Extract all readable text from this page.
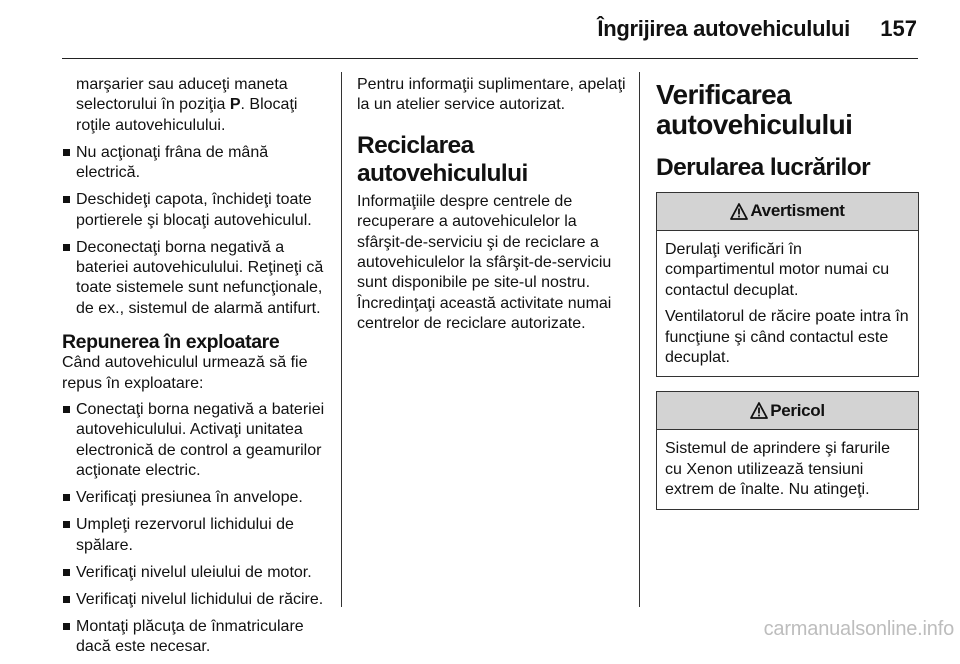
Îngrijirea autovehiculului 157

marşarier sau aduceţi maneta selectorului în poziţia P. Blocaţi roţile autovehiculului.

Nu acţionaţi frâna de mână electrică.
Deschideţi capota, închideţi toate portierele şi blocaţi autovehiculul.
Deconectaţi borna negativă a bateriei autovehiculului. Reţineţi că toate sistemele sunt nefuncţionale, de ex., sistemul de alarmă antifurt.
Repunerea în exploatare

Când autovehiculul urmează să fie repus în exploatare:

Conectaţi borna negativă a bateriei autovehiculului. Activaţi unitatea electronică de control a geamurilor acţionate electric.
Verificaţi presiunea în anvelope.
Umpleţi rezervorul lichidului de spălare.
Verificaţi nivelul uleiului de motor.
Verificaţi nivelul lichidului de răcire.
Montaţi plăcuţa de înmatriculare dacă este necesar.

Pentru informaţii suplimentare, apelaţi la un atelier service autorizat.

Reciclarea autovehiculului

Informaţiile despre centrele de recuperare a autovehiculelor la sfârşit-de-serviciu şi de reciclare a autovehiculelor la sfârşit-de-serviciu sunt disponibile pe site-ul nostru. Încredinţaţi această activitate numai centrelor de reciclare autorizate.

Verificarea autovehiculului
Derularea lucrărilor
Avertisment

Derulaţi verificări în compartimentul motor numai cu contactul decuplat.

Ventilatorul de răcire poate intra în funcţiune şi când contactul este decuplat.

Pericol

Sistemul de aprindere şi farurile cu Xenon utilizează tensiuni extrem de înalte. Nu atingeţi.

carmanualsonline.info
